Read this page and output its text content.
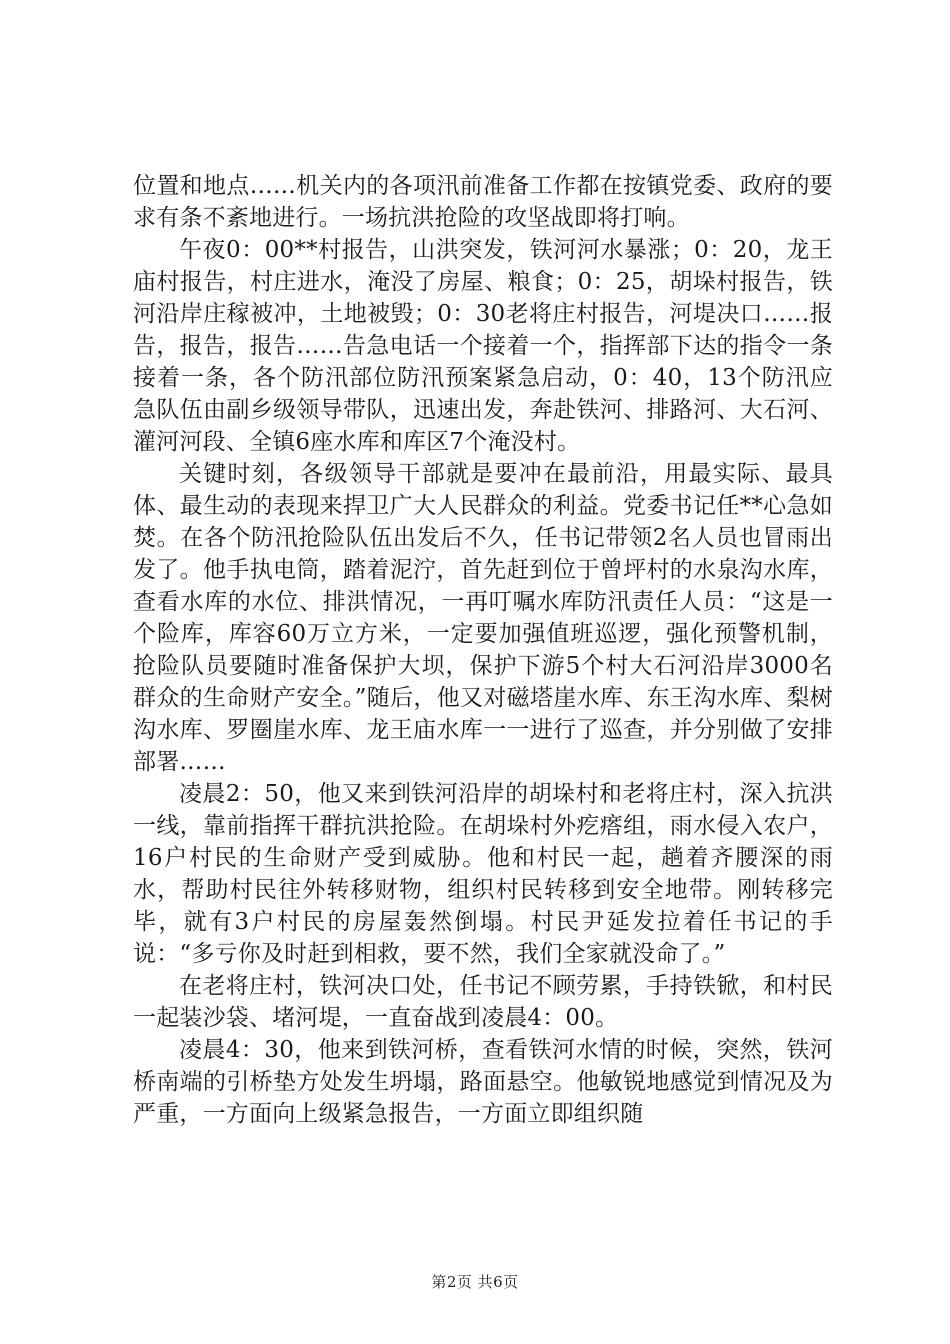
位置和地点……机关内的各项汛前准备工作都在按镇党委、政府的要求有条不紊地进行。一场抗洪抢险的攻坚战即将打响。

午夜0：00**村报告，山洪突发，铁河河水暴涨；0：20，龙王庙村报告，村庄进水，淹没了房屋、粮食；0：25，胡垛村报告，铁河沿岸庄稼被冲，土地被毁；0：30老将庄村报告，河堤决口……报告，报告，报告……告急电话一个接着一个，指挥部下达的指令一条接着一条，各个防汛部位防汛预案紧急启动，0：40，13个防汛应急队伍由副乡级领导带队，迅速出发，奔赴铁河、排路河、大石河、灌河河段、全镇6座水库和库区7个淹没村。

关键时刻，各级领导干部就是要冲在最前沿，用最实际、最具体、最生动的表现来捍卫广大人民群众的利益。党委书记任**心急如焚。在各个防汛抢险队伍出发后不久，任书记带领2名人员也冒雨出发了。他手执电筒，踏着泥泞，首先赶到位于曾坪村的水泉沟水库，查看水库的水位、排洪情况，一再叮嘱水库防汛责任人员：“这是一个险库，库容60万立方米，一定要加强值班巡逻，强化预警机制，抢险队员要随时准备保护大坝，保护下游5个村大石河沿岸3000名群众的生命财产安全。”随后，他又对磁塔崖水库、东王沟水库、梨树沟水库、罗圈崖水库、龙王庙水库一一进行了巡查，并分别做了安排部署……

凌晨2：50，他又来到铁河沿岸的胡垛村和老将庄村，深入抗洪一线，靠前指挥干群抗洪抢险。在胡垛村外疙瘩组，雨水侵入农户，16户村民的生命财产受到威胁。他和村民一起，趟着齐腰深的雨水，帮助村民往外转移财物，组织村民转移到安全地带。刚转移完毕，就有3户村民的房屋轰然倒塌。村民尹延发拉着任书记的手说：“多亏你及时赶到相救，要不然，我们全家就没命了。”

在老将庄村，铁河决口处，任书记不顾劳累，手持铁锨，和村民一起装沙袋、堵河堤，一直奋战到凌晨4：00。

凌晨4：30，他来到铁河桥，查看铁河水情的时候，突然，铁河桥南端的引桥垫方处发生坍塌，路面悬空。他敏锐地感觉到情况及为严重，一方面向上级紧急报告，一方面立即组织随

第2页 共6页
